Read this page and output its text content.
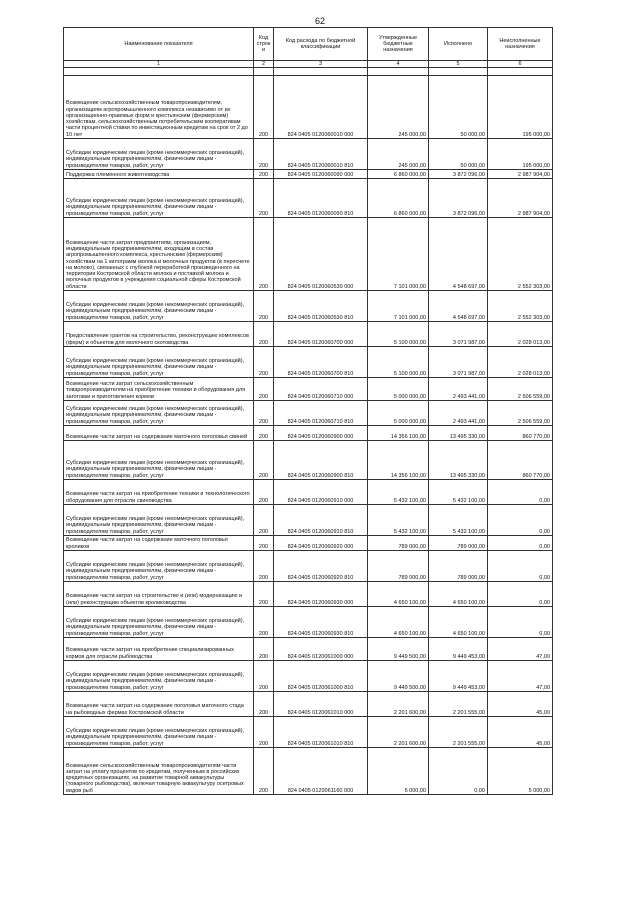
62
Наименование показателя	Код строк и	Код расхода по бюджетной классификации	Утвержденные бюджетные назначения	Исполнено	Неисполненные назначения
1	2	3	4	5	6

Возмещение сельскохозяйственным товаропроизводителям, организациям агропромышленного комплекса независимо от их организационно-правовых форм и крестьянским (фермерским) хозяйствам, сельскохозяйственным потребительским кооперативам части процентной ставки по инвестиционным кредитам на срок от 2 до 10 лет	200	824 0405 0120060010 000	245 000,00	50 000,00	195 000,00
Субсидии юридическим лицам (кроме некоммерческих организаций), индивидуальным предпринимателям, физическим лицам - производителям товаров, работ, услуг	200	824 0405 0120060010 810	245 000,00	50 000,00	195 000,00
Поддержка племенного животноводства	200	824 0405 0120060090 000	6 860 000,00	3 872 096,00	2 987 904,00
Субсидии юридическим лицам (кроме некоммерческих организаций), индивидуальным предпринимателям, физическим лицам - производителям товаров, работ, услуг	200	824 0405 0120060090 810	6 860 000,00	3 872 096,00	2 987 904,00
Возмещение части затрат предприятиям, организациям, индивидуальным предпринимателям, входящим в состав агропромышленного комплекса, крестьянским (фермерским) хозяйствам на 1 килограмм молока и молочных продуктов (в пересчете на молоко), связанных с глубокой переработкой произведенного на территории Костромской области молока и поставкой молока и молочных продуктов в учреждения социальной сферы Костромской области	200	824 0405 0120060530 000	7 101 000,00	4 548 697,00	2 552 303,00
Субсидии юридическим лицам (кроме некоммерческих организаций), индивидуальным предпринимателям, физическим лицам - производителям товаров, работ, услуг	200	824 0405 0120060530 810	7 101 000,00	4 548 697,00	2 552 303,00
Предоставление грантов на строительство, реконструкцию комплексов (ферм) и объектов для молочного скотоводства	200	824 0405 0120060700 000	5 100 000,00	3 071 987,00	2 028 013,00
Субсидии юридическим лицам (кроме некоммерческих организаций), индивидуальным предпринимателям, физическим лицам - производителям товаров, работ, услуг	200	824 0405 0120060700 810	5 100 000,00	3 071 987,00	2 028 013,00
Возмещение части затрат сельскохозяйственным товаропроизводителям на приобретение техники и оборудования для заготовки и приготовления кормов	200	824 0405 0120060710 000	5 000 000,00	2 493 441,00	2 506 559,00
Субсидии юридическим лицам (кроме некоммерческих организаций), индивидуальным предпринимателям, физическим лицам - производителям товаров, работ, услуг	200	824 0405 0120060710 810	5 000 000,00	2 493 441,00	2 506 559,00
Возмещение части затрат на содержание маточного поголовья свиней	200	824 0405 0120060900 000	14 356 100,00	13 495 330,00	860 770,00
Субсидии юридическим лицам (кроме некоммерческих организаций), индивидуальным предпринимателям, физическим лицам - производителям товаров, работ, услуг	200	824 0405 0120060900 810	14 356 100,00	13 495 330,00	860 770,00
Возмещение части затрат на приобретение техники и технологического оборудования для отрасли свиноводства	200	824 0405 0120060910 000	5 432 100,00	5 432 100,00	0,00
Субсидии юридическим лицам (кроме некоммерческих организаций), индивидуальным предпринимателям, физическим лицам - производителям товаров, работ, услуг	200	824 0405 0120060910 810	5 432 100,00	5 432 100,00	0,00
Возмещение части затрат на содержание маточного поголовья кроликов	200	824 0405 0120060920 000	789 000,00	789 000,00	0,00
Субсидии юридическим лицам (кроме некоммерческих организаций), индивидуальным предпринимателям, физическим лицам - производителям товаров, работ, услуг	200	824 0405 0120060920 810	789 000,00	789 000,00	0,00
Возмещение части затрат на строительство и (или) модернизацию и (или) реконструкцию объектов кролиководства	200	824 0405 0120060930 000	4 650 100,00	4 650 100,00	0,00
Субсидии юридическим лицам (кроме некоммерческих организаций), индивидуальным предпринимателям, физическим лицам - производителям товаров, работ, услуг	200	824 0405 0120060930 810	4 650 100,00	4 650 100,00	0,00
Возмещение части затрат на приобретение специализированных кормов для отрасли рыбоводства	200	824 0405 0120061000 000	9 449 500,00	9 449 453,00	47,00
Субсидии юридическим лицам (кроме некоммерческих организаций), индивидуальным предпринимателям, физическим лицам - производителям товаров, работ, услуг	200	824 0405 0120061000 810	9 449 500,00	9 449 453,00	47,00
Возмещение части затрат на содержание поголовья маточного стада на рыбоводных фермах Костромской области	200	824 0405 0120061010 000	2 201 600,00	2 201 555,00	45,00
Субсидии юридическим лицам (кроме некоммерческих организаций), индивидуальным предпринимателям, физическим лицам - производителям товаров, работ, услуг	200	824 0405 0120061010 810	2 201 600,00	2 201 555,00	45,00
Возмещение сельскохозяйственным товаропроизводителям части затрат на уплату процентов по кредитам, полученным в российских кредитных организациях, на развитие товарной аквакультуры (товарного рыбоводства), включая товарную аквакультуру осетровых видов рыб	200	824 0405 0120061160 000	5 000,00	0,00	5 000,00
